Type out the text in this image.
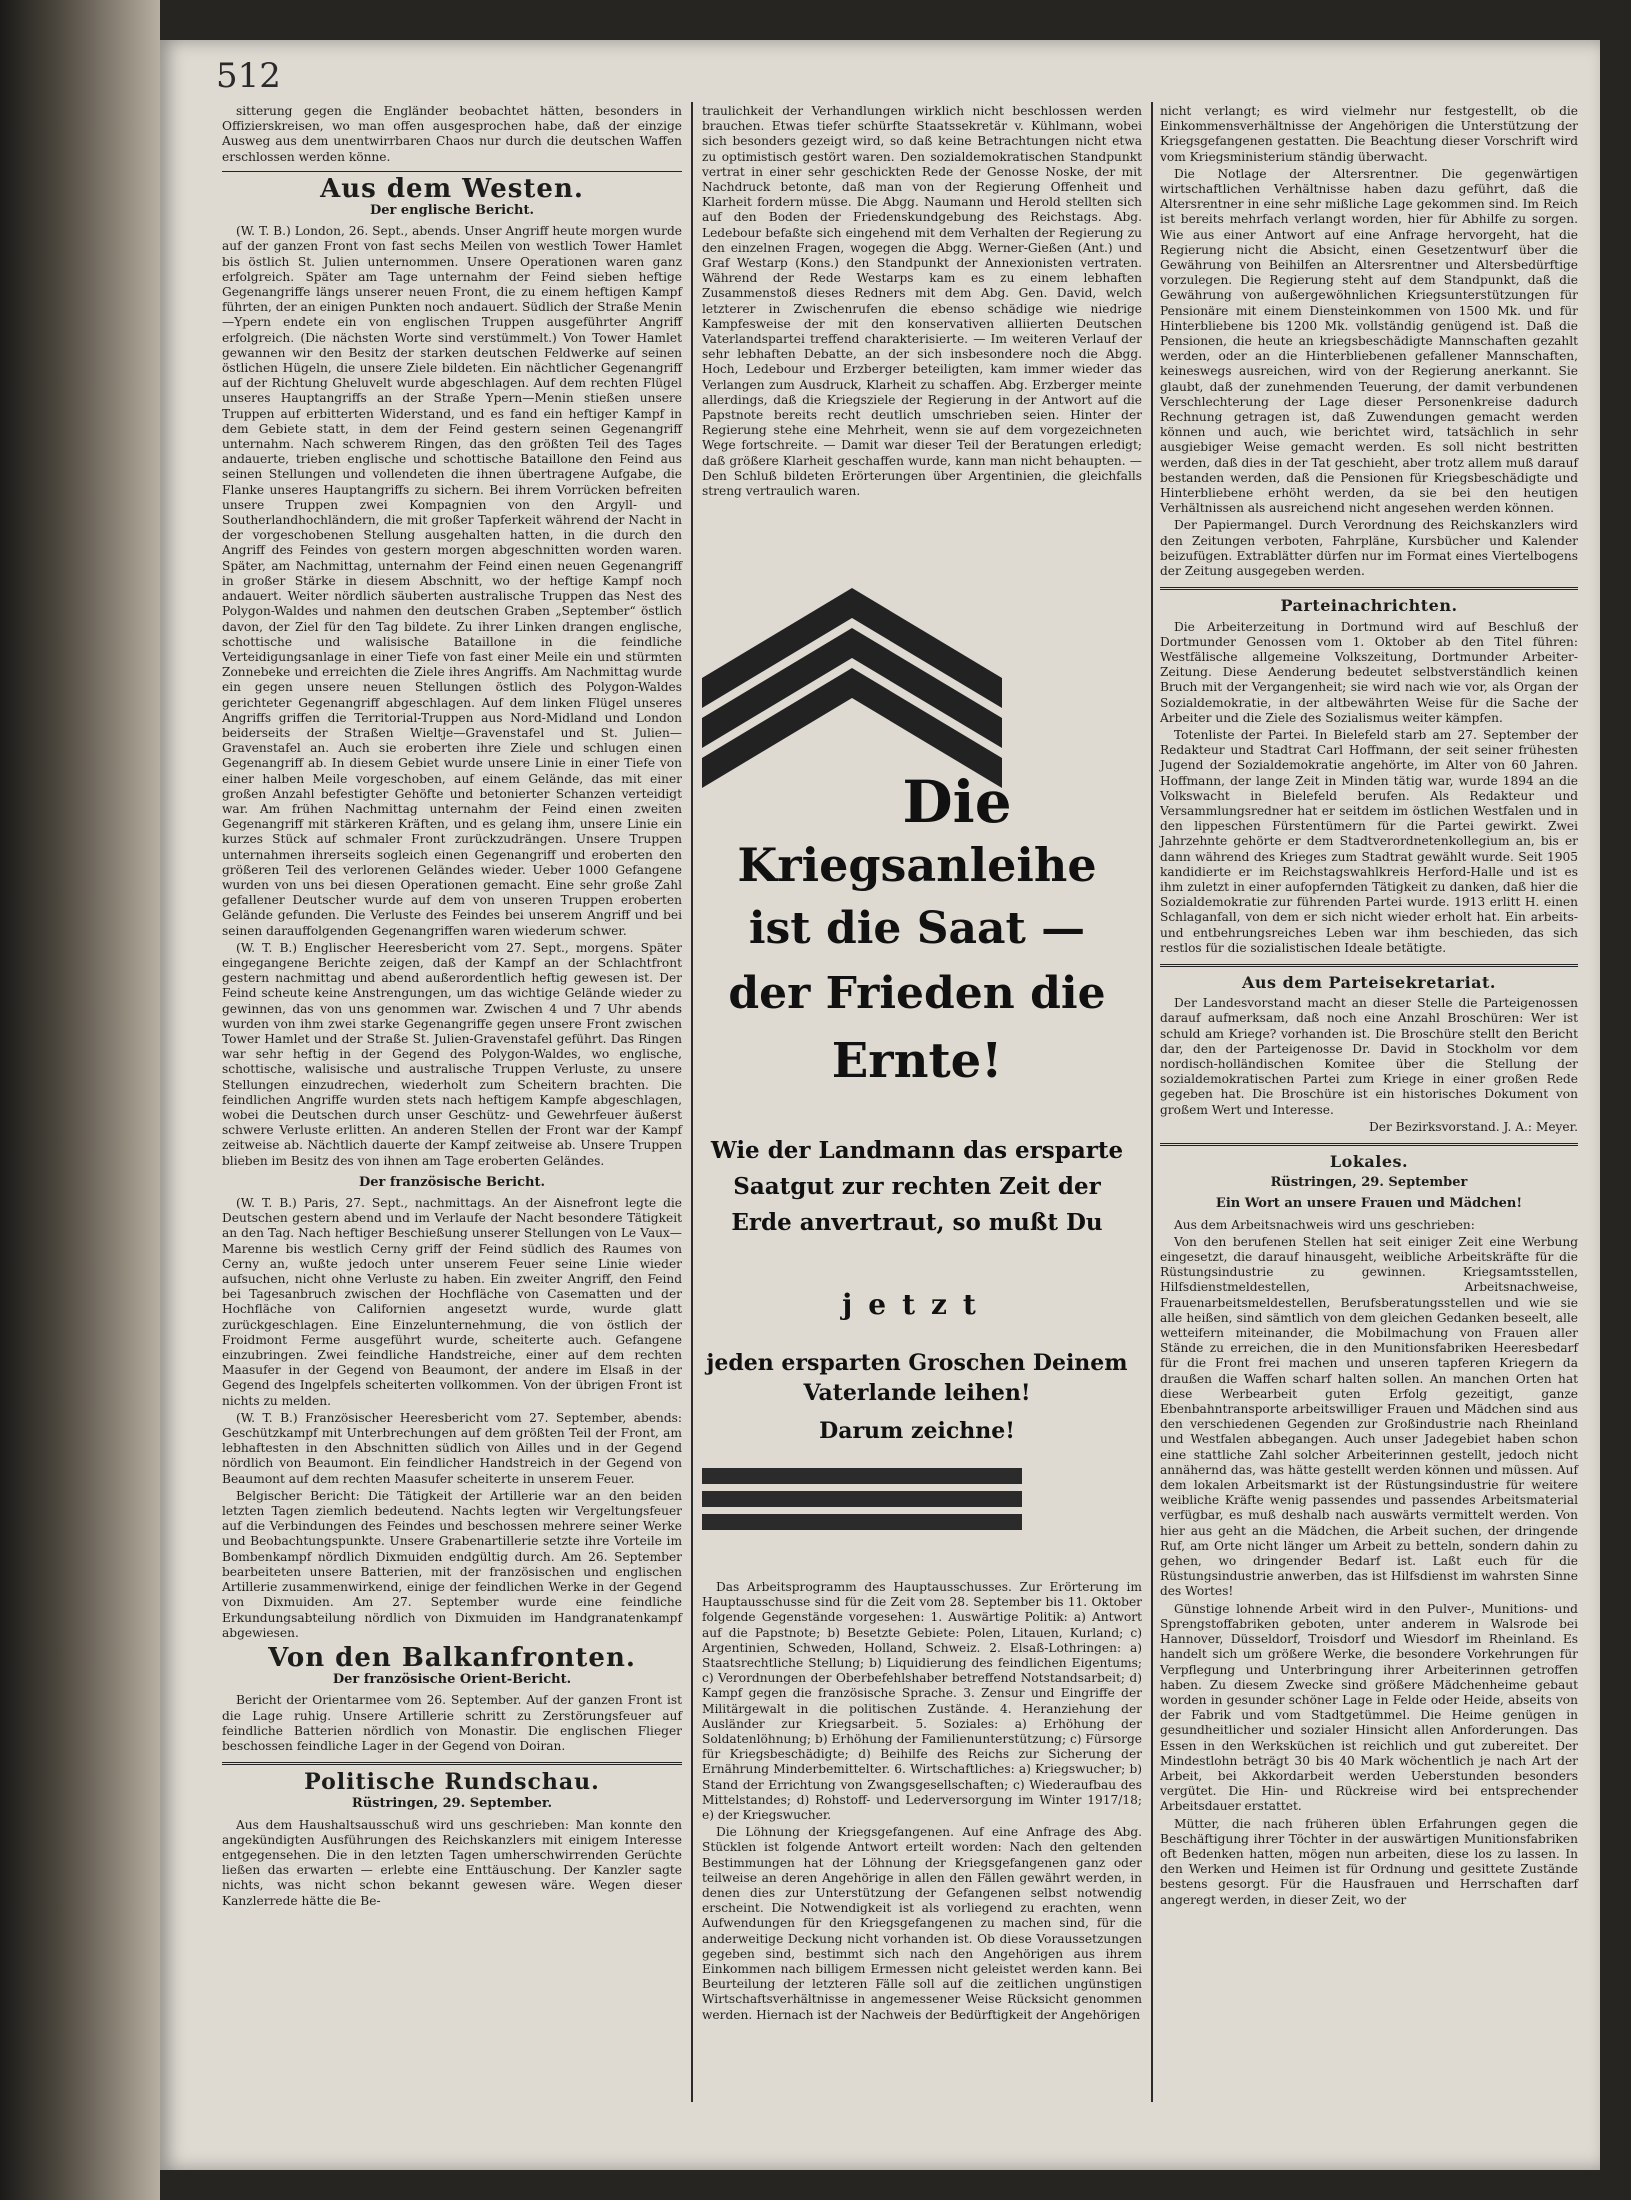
512

sitterung gegen die Engländer beobachtet hätten, besonders in Offizierskreisen, wo man offen ausgesprochen habe, daß der einzige Ausweg aus dem unentwirrbaren Chaos nur durch die deutschen Waffen erschlossen werden könne.

Aus dem Westen.
Der englische Bericht.

(W. T. B.) London, 26. Sept., abends. Unser Angriff heute morgen wurde auf der ganzen Front von fast sechs Meilen von westlich Tower Hamlet bis östlich St. Julien unternommen. Unsere Operationen waren ganz erfolgreich. Später am Tage unternahm der Feind sieben heftige Gegenangriffe längs unserer neuen Front, die zu einem heftigen Kampf führten, der an einigen Punkten noch andauert. Südlich der Straße Menin—Ypern endete ein von englischen Truppen ausgeführter Angriff erfolgreich. (Die nächsten Worte sind verstümmelt.) Von Tower Hamlet gewannen wir den Besitz der starken deutschen Feldwerke auf seinen östlichen Hügeln, die unsere Ziele bildeten. Ein nächtlicher Gegenangriff auf der Richtung Gheluvelt wurde abgeschlagen. Auf dem rechten Flügel unseres Hauptangriffs an der Straße Ypern—Menin stießen unsere Truppen auf erbitterten Widerstand, und es fand ein heftiger Kampf in dem Gebiete statt, in dem der Feind gestern seinen Gegenangriff unternahm. Nach schwerem Ringen, das den größten Teil des Tages andauerte, trieben englische und schottische Bataillone den Feind aus seinen Stellungen und vollendeten die ihnen übertragene Aufgabe, die Flanke unseres Hauptangriffs zu sichern. Bei ihrem Vorrücken befreiten unsere Truppen zwei Kompagnien von den Argyll- und Southerlandhochländern, die mit großer Tapferkeit während der Nacht in der vorgeschobenen Stellung ausgehalten hatten, in die durch den Angriff des Feindes von gestern morgen abgeschnitten worden waren. Später, am Nachmittag, unternahm der Feind einen neuen Gegenangriff in großer Stärke in diesem Abschnitt, wo der heftige Kampf noch andauert. Weiter nördlich säuberten australische Truppen das Nest des Polygon-Waldes und nahmen den deutschen Graben „September“ östlich davon, der Ziel für den Tag bildete. Zu ihrer Linken drangen englische, schottische und walisische Bataillone in die feindliche Verteidigungsanlage in einer Tiefe von fast einer Meile ein und stürmten Zonnebeke und erreichten die Ziele ihres Angriffs. Am Nachmittag wurde ein gegen unsere neuen Stellungen östlich des Polygon-Waldes gerichteter Gegenangriff abgeschlagen. Auf dem linken Flügel unseres Angriffs griffen die Territorial-Truppen aus Nord-Midland und London beiderseits der Straßen Wieltje—Gravenstafel und St. Julien—Gravenstafel an. Auch sie eroberten ihre Ziele und schlugen einen Gegenangriff ab. In diesem Gebiet wurde unsere Linie in einer Tiefe von einer halben Meile vorgeschoben, auf einem Gelände, das mit einer großen Anzahl befestigter Gehöfte und betonierter Schanzen verteidigt war. Am frühen Nachmittag unternahm der Feind einen zweiten Gegenangriff mit stärkeren Kräften, und es gelang ihm, unsere Linie ein kurzes Stück auf schmaler Front zurückzudrängen. Unsere Truppen unternahmen ihrerseits sogleich einen Gegenangriff und eroberten den größeren Teil des verlorenen Geländes wieder. Ueber 1000 Gefangene wurden von uns bei diesen Operationen gemacht. Eine sehr große Zahl gefallener Deutscher wurde auf dem von unseren Truppen eroberten Gelände gefunden. Die Verluste des Feindes bei unserem Angriff und bei seinen darauffolgenden Gegenangriffen waren wiederum schwer.

(W. T. B.) Englischer Heeresbericht vom 27. Sept., morgens. Später eingegangene Berichte zeigen, daß der Kampf an der Schlachtfront gestern nachmittag und abend außerordentlich heftig gewesen ist. Der Feind scheute keine Anstrengungen, um das wichtige Gelände wieder zu gewinnen, das von uns genommen war. Zwischen 4 und 7 Uhr abends wurden von ihm zwei starke Gegenangriffe gegen unsere Front zwischen Tower Hamlet und der Straße St. Julien-Gravenstafel geführt. Das Ringen war sehr heftig in der Gegend des Polygon-Waldes, wo englische, schottische, walisische und australische Truppen Verluste, zu unsere Stellungen einzudrechen, wiederholt zum Scheitern brachten. Die feindlichen Angriffe wurden stets nach heftigem Kampfe abgeschlagen, wobei die Deutschen durch unser Geschütz- und Gewehrfeuer äußerst schwere Verluste erlitten. An anderen Stellen der Front war der Kampf zeitweise ab. Nächtlich dauerte der Kampf zeitweise ab. Unsere Truppen blieben im Besitz des von ihnen am Tage eroberten Geländes.

Der französische Bericht.

(W. T. B.) Paris, 27. Sept., nachmittags. An der Aisnefront legte die Deutschen gestern abend und im Verlaufe der Nacht besondere Tätigkeit an den Tag. Nach heftiger Beschießung unserer Stellungen von Le Vaux—Marenne bis westlich Cerny griff der Feind südlich des Raumes von Cerny an, wußte jedoch unter unserem Feuer seine Linie wieder aufsuchen, nicht ohne Verluste zu haben. Ein zweiter Angriff, den Feind bei Tagesanbruch zwischen der Hochfläche von Casematten und der Hochfläche von Californien angesetzt wurde, wurde glatt zurückgeschlagen. Eine Einzelunternehmung, die von östlich der Froidmont Ferme ausgeführt wurde, scheiterte auch. Gefangene einzubringen. Zwei feindliche Handstreiche, einer auf dem rechten Maasufer in der Gegend von Beaumont, der andere im Elsaß in der Gegend des Ingelpfels scheiterten vollkommen. Von der übrigen Front ist nichts zu melden.

(W. T. B.) Französischer Heeresbericht vom 27. September, abends: Geschützkampf mit Unterbrechungen auf dem größten Teil der Front, am lebhaftesten in den Abschnitten südlich von Ailles und in der Gegend nördlich von Beaumont. Ein feindlicher Handstreich in der Gegend von Beaumont auf dem rechten Maasufer scheiterte in unserem Feuer.

Belgischer Bericht: Die Tätigkeit der Artillerie war an den beiden letzten Tagen ziemlich bedeutend. Nachts legten wir Vergeltungsfeuer auf die Verbindungen des Feindes und beschossen mehrere seiner Werke und Beobachtungspunkte. Unsere Grabenartillerie setzte ihre Vorteile im Bombenkampf nördlich Dixmuiden endgültig durch. Am 26. September bearbeiteten unsere Batterien, mit der französischen und englischen Artillerie zusammenwirkend, einige der feindlichen Werke in der Gegend von Dixmuiden. Am 27. September wurde eine feindliche Erkundungsabteilung nördlich von Dixmuiden im Handgranatenkampf abgewiesen.

Von den Balkanfronten.
Der französische Orient-Bericht.

Bericht der Orientarmee vom 26. September. Auf der ganzen Front ist die Lage ruhig. Unsere Artillerie schritt zu Zerstörungsfeuer auf feindliche Batterien nördlich von Monastir. Die englischen Flieger beschossen feindliche Lager in der Gegend von Doiran.

Politische Rundschau.
Rüstringen, 29. September.

Aus dem Haushaltsausschuß wird uns geschrieben: Man konnte den angekündigten Ausführungen des Reichskanzlers mit einigem Interesse entgegensehen. Die in den letzten Tagen umherschwirrenden Gerüchte ließen das erwarten — erlebte eine Enttäuschung. Der Kanzler sagte nichts, was nicht schon bekannt gewesen wäre. Wegen dieser Kanzlerrede hätte die Be-

traulichkeit der Verhandlungen wirklich nicht beschlossen werden brauchen. Etwas tiefer schürfte Staatssekretär v. Kühlmann, wobei sich besonders gezeigt wird, so daß keine Betrachtungen nicht etwa zu optimistisch gestört waren. Den sozialdemokratischen Standpunkt vertrat in einer sehr geschickten Rede der Genosse Noske, der mit Nachdruck betonte, daß man von der Regierung Offenheit und Klarheit fordern müsse. Die Abgg. Naumann und Herold stellten sich auf den Boden der Friedenskundgebung des Reichstags. Abg. Ledebour befaßte sich eingehend mit dem Verhalten der Regierung zu den einzelnen Fragen, wogegen die Abgg. Werner-Gießen (Ant.) und Graf Westarp (Kons.) den Standpunkt der Annexionisten vertraten. Während der Rede Westarps kam es zu einem lebhaften Zusammenstoß dieses Redners mit dem Abg. Gen. David, welch letzterer in Zwischenrufen die ebenso schädige wie niedrige Kampfesweise der mit den konservativen alliierten Deutschen Vaterlandspartei treffend charakterisierte. — Im weiteren Verlauf der sehr lebhaften Debatte, an der sich insbesondere noch die Abgg. Hoch, Ledebour und Erzberger beteiligten, kam immer wieder das Verlangen zum Ausdruck, Klarheit zu schaffen. Abg. Erzberger meinte allerdings, daß die Kriegsziele der Regierung in der Antwort auf die Papstnote bereits recht deutlich umschrieben seien. Hinter der Regierung stehe eine Mehrheit, wenn sie auf dem vorgezeichneten Wege fortschreite. — Damit war dieser Teil der Beratungen erledigt; daß größere Klarheit geschaffen wurde, kann man nicht behaupten. — Den Schluß bildeten Erörterungen über Argentinien, die gleichfalls streng vertraulich waren.

Die
Kriegsanleihe
ist die Saat —
der Frieden die
Ernte!
Wie der Landmann das ersparte Saatgut zur rechten Zeit der Erde anvertraut, so mußt Du
jetzt
jeden ersparten Groschen Deinem Vaterlande leihen!
Darum zeichne!

Das Arbeitsprogramm des Hauptausschusses. Zur Erörterung im Hauptausschusse sind für die Zeit vom 28. September bis 11. Oktober folgende Gegenstände vorgesehen: 1. Auswärtige Politik: a) Antwort auf die Papstnote; b) Besetzte Gebiete: Polen, Litauen, Kurland; c) Argentinien, Schweden, Holland, Schweiz. 2. Elsaß-Lothringen: a) Staatsrechtliche Stellung; b) Liquidierung des feindlichen Eigentums; c) Verordnungen der Oberbefehlshaber betreffend Notstandsarbeit; d) Kampf gegen die französische Sprache. 3. Zensur und Eingriffe der Militärgewalt in die politischen Zustände. 4. Heranziehung der Ausländer zur Kriegsarbeit. 5. Soziales: a) Erhöhung der Soldatenlöhnung; b) Erhöhung der Familienunterstützung; c) Fürsorge für Kriegsbeschädigte; d) Beihilfe des Reichs zur Sicherung der Ernährung Minderbemittelter. 6. Wirtschaftliches: a) Kriegswucher; b) Stand der Errichtung von Zwangsgesellschaften; c) Wiederaufbau des Mittelstandes; d) Rohstoff- und Lederversorgung im Winter 1917/18; e) der Kriegswucher.

Die Löhnung der Kriegsgefangenen. Auf eine Anfrage des Abg. Stücklen ist folgende Antwort erteilt worden: Nach den geltenden Bestimmungen hat der Löhnung der Kriegsgefangenen ganz oder teilweise an deren Angehörige in allen den Fällen gewährt werden, in denen dies zur Unterstützung der Gefangenen selbst notwendig erscheint. Die Notwendigkeit ist als vorliegend zu erachten, wenn Aufwendungen für den Kriegsgefangenen zu machen sind, für die anderweitige Deckung nicht vorhanden ist. Ob diese Voraussetzungen gegeben sind, bestimmt sich nach den Angehörigen aus ihrem Einkommen nach billigem Ermessen nicht geleistet werden kann. Bei Beurteilung der letzteren Fälle soll auf die zeitlichen ungünstigen Wirtschaftsverhältnisse in angemessener Weise Rücksicht genommen werden. Hiernach ist der Nachweis der Bedürftigkeit der Angehörigen

nicht verlangt; es wird vielmehr nur festgestellt, ob die Einkommensverhältnisse der Angehörigen die Unterstützung der Kriegsgefangenen gestatten. Die Beachtung dieser Vorschrift wird vom Kriegsministerium ständig überwacht.

Die Notlage der Altersrentner. Die gegenwärtigen wirtschaftlichen Verhältnisse haben dazu geführt, daß die Altersrentner in eine sehr mißliche Lage gekommen sind. Im Reich ist bereits mehrfach verlangt worden, hier für Abhilfe zu sorgen. Wie aus einer Antwort auf eine Anfrage hervorgeht, hat die Regierung nicht die Absicht, einen Gesetzentwurf über die Gewährung von Beihilfen an Altersrentner und Altersbedürftige vorzulegen. Die Regierung steht auf dem Standpunkt, daß die Gewährung von außergewöhnlichen Kriegsunterstützungen für Pensionäre mit einem Diensteinkommen von 1500 Mk. und für Hinterbliebene bis 1200 Mk. vollständig genügend ist. Daß die Pensionen, die heute an kriegsbeschädigte Mannschaften gezahlt werden, oder an die Hinterbliebenen gefallener Mannschaften, keineswegs ausreichen, wird von der Regierung anerkannt. Sie glaubt, daß der zunehmenden Teuerung, der damit verbundenen Verschlechterung der Lage dieser Personenkreise dadurch Rechnung getragen ist, daß Zuwendungen gemacht werden können und auch, wie berichtet wird, tatsächlich in sehr ausgiebiger Weise gemacht werden. Es soll nicht bestritten werden, daß dies in der Tat geschieht, aber trotz allem muß darauf bestanden werden, daß die Pensionen für Kriegsbeschädigte und Hinterbliebene erhöht werden, da sie bei den heutigen Verhältnissen als ausreichend nicht angesehen werden können.

Der Papiermangel. Durch Verordnung des Reichskanzlers wird den Zeitungen verboten, Fahrpläne, Kursbücher und Kalender beizufügen. Extrablätter dürfen nur im Format eines Viertelbogens der Zeitung ausgegeben werden.

Parteinachrichten.

Die Arbeiterzeitung in Dortmund wird auf Beschluß der Dortmunder Genossen vom 1. Oktober ab den Titel führen: Westfälische allgemeine Volkszeitung, Dortmunder Arbeiter-Zeitung. Diese Aenderung bedeutet selbstverständlich keinen Bruch mit der Vergangenheit; sie wird nach wie vor, als Organ der Sozialdemokratie, in der altbewährten Weise für die Sache der Arbeiter und die Ziele des Sozialismus weiter kämpfen.

Totenliste der Partei. In Bielefeld starb am 27. September der Redakteur und Stadtrat Carl Hoffmann, der seit seiner frühesten Jugend der Sozialdemokratie angehörte, im Alter von 60 Jahren. Hoffmann, der lange Zeit in Minden tätig war, wurde 1894 an die Volkswacht in Bielefeld berufen. Als Redakteur und Versammlungsredner hat er seitdem im östlichen Westfalen und in den lippeschen Fürstentümern für die Partei gewirkt. Zwei Jahrzehnte gehörte er dem Stadtverordnetenkollegium an, bis er dann während des Krieges zum Stadtrat gewählt wurde. Seit 1905 kandidierte er im Reichstagswahlkreis Herford-Halle und ist es ihm zuletzt in einer aufopfernden Tätigkeit zu danken, daß hier die Sozialdemokratie zur führenden Partei wurde. 1913 erlitt H. einen Schlaganfall, von dem er sich nicht wieder erholt hat. Ein arbeits- und entbehrungsreiches Leben war ihm beschieden, das sich restlos für die sozialistischen Ideale betätigte.

Aus dem Parteisekretariat.

Der Landesvorstand macht an dieser Stelle die Parteigenossen darauf aufmerksam, daß noch eine Anzahl Broschüren: Wer ist schuld am Kriege? vorhanden ist. Die Broschüre stellt den Bericht dar, den der Parteigenosse Dr. David in Stockholm vor dem nordisch-holländischen Komitee über die Stellung der sozialdemokratischen Partei zum Kriege in einer großen Rede gegeben hat. Die Broschüre ist ein historisches Dokument von großem Wert und Interesse.

Der Bezirksvorstand. J. A.: Meyer.

Lokales.
Rüstringen, 29. September
Ein Wort an unsere Frauen und Mädchen!

Aus dem Arbeitsnachweis wird uns geschrieben:

Von den berufenen Stellen hat seit einiger Zeit eine Werbung eingesetzt, die darauf hinausgeht, weibliche Arbeitskräfte für die Rüstungsindustrie zu gewinnen. Kriegsamtsstellen, Hilfsdienstmeldestellen, Arbeitsnachweise, Frauenarbeitsmeldestellen, Berufsberatungsstellen und wie sie alle heißen, sind sämtlich von dem gleichen Gedanken beseelt, alle wetteifern miteinander, die Mobilmachung von Frauen aller Stände zu erreichen, die in den Munitionsfabriken Heeresbedarf für die Front frei machen und unseren tapferen Kriegern da draußen die Waffen scharf halten sollen. An manchen Orten hat diese Werbearbeit guten Erfolg gezeitigt, ganze Ebenbahntransporte arbeitswilliger Frauen und Mädchen sind aus den verschiedenen Gegenden zur Großindustrie nach Rheinland und Westfalen abbegangen. Auch unser Jadegebiet haben schon eine stattliche Zahl solcher Arbeiterinnen gestellt, jedoch nicht annähernd das, was hätte gestellt werden können und müssen. Auf dem lokalen Arbeitsmarkt ist der Rüstungsindustrie für weitere weibliche Kräfte wenig passendes und passendes Arbeitsmaterial verfügbar, es muß deshalb nach auswärts vermittelt werden. Von hier aus geht an die Mädchen, die Arbeit suchen, der dringende Ruf, am Orte nicht länger um Arbeit zu betteln, sondern dahin zu gehen, wo dringender Bedarf ist. Laßt euch für die Rüstungsindustrie anwerben, das ist Hilfsdienst im wahrsten Sinne des Wortes!

Günstige lohnende Arbeit wird in den Pulver-, Munitions- und Sprengstoffabriken geboten, unter anderem in Walsrode bei Hannover, Düsseldorf, Troisdorf und Wiesdorf im Rheinland. Es handelt sich um größere Werke, die besondere Vorkehrungen für Verpflegung und Unterbringung ihrer Arbeiterinnen getroffen haben. Zu diesem Zwecke sind größere Mädchenheime gebaut worden in gesunder schöner Lage in Felde oder Heide, abseits von der Fabrik und vom Stadtgetümmel. Die Heime genügen in gesundheitlicher und sozialer Hinsicht allen Anforderungen. Das Essen in den Werksküchen ist reichlich und gut zubereitet. Der Mindestlohn beträgt 30 bis 40 Mark wöchentlich je nach Art der Arbeit, bei Akkordarbeit werden Ueberstunden besonders vergütet. Die Hin- und Rückreise wird bei entsprechender Arbeitsdauer erstattet.

Mütter, die nach früheren üblen Erfahrungen gegen die Beschäftigung ihrer Töchter in der auswärtigen Munitionsfabriken oft Bedenken hatten, mögen nun arbeiten, diese los zu lassen. In den Werken und Heimen ist für Ordnung und gesittete Zustände bestens gesorgt. Für die Hausfrauen und Herrschaften darf angeregt werden, in dieser Zeit, wo der
